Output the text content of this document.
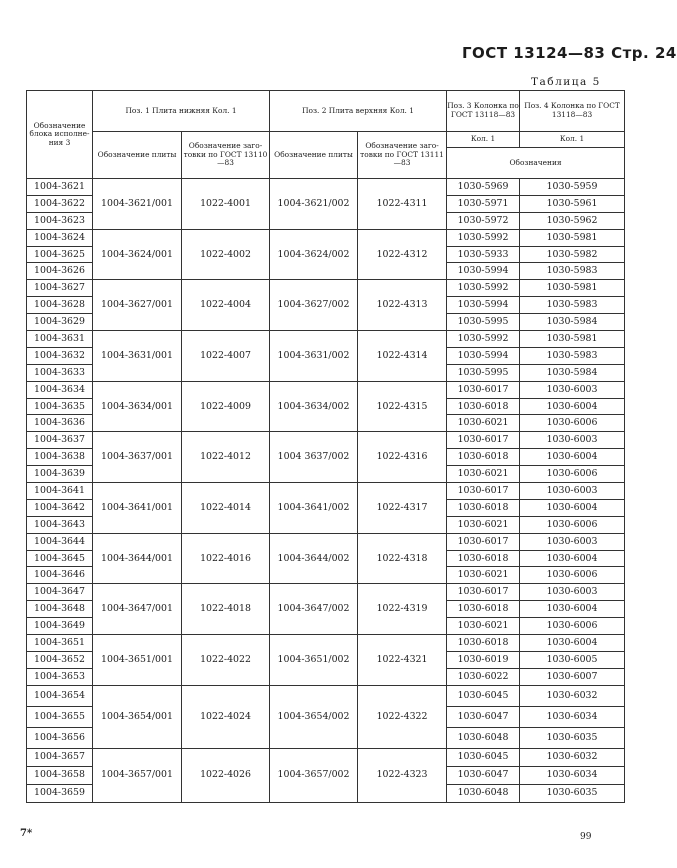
ГОСТ 13124—83 Стр. 24
Таблица 5
Обозначение блока исполне- ния 3	Поз. 1 Плита нижняя Кол. 1		Поз. 2 Плита верхняя Кол. 1		Поз. 3 Колонка по ГОСТ 13118—83	Поз. 4 Колонка по ГОСТ 13118—83
	Обозначение плиты	Обозначение заго- товки по ГОСТ 13110—83	Обозначение плиты	Обозначение заго- товки по ГОСТ 13111—83	Кол. 1	Кол. 1
					Обозначения	
1004-3621	1004-3621/001	1022-4001	1004-3621/002	1022-4311	1030-5969	1030-5959
1004-3622					1030-5971	1030-5961
1004-3623					1030-5972	1030-5962
1004-3624	1004-3624/001	1022-4002	1004-3624/002	1022-4312	1030-5992	1030-5981
1004-3625					1030-5933	1030-5982
1004-3626					1030-5994	1030-5983
1004-3627	1004-3627/001	1022-4004	1004-3627/002	1022-4313	1030-5992	1030-5981
1004-3628					1030-5994	1030-5983
1004-3629					1030-5995	1030-5984
1004-3631	1004-3631/001	1022-4007	1004-3631/002	1022-4314	1030-5992	1030-5981
1004-3632					1030-5994	1030-5983
1004-3633					1030-5995	1030-5984
1004-3634	1004-3634/001	1022-4009	1004-3634/002	1022-4315	1030-6017	1030-6003
1004-3635					1030-6018	1030-6004
1004-3636					1030-6021	1030-6006
1004-3637	1004-3637/001	1022-4012	1004 3637/002	1022-4316	1030-6017	1030-6003
1004-3638					1030-6018	1030-6004
1004-3639					1030-6021	1030-6006
1004-3641	1004-3641/001	1022-4014	1004-3641/002	1022-4317	1030-6017	1030-6003
1004-3642					1030-6018	1030-6004
1004-3643					1030-6021	1030-6006
1004-3644	1004-3644/001	1022-4016	1004-3644/002	1022-4318	1030-6017	1030-6003
1004-3645					1030-6018	1030-6004
1004-3646					1030-6021	1030-6006
1004-3647	1004-3647/001	1022-4018	1004-3647/002	1022-4319	1030-6017	1030-6003
1004-3648					1030-6018	1030-6004
1004-3649					1030-6021	1030-6006
1004-3651	1004-3651/001	1022-4022	1004-3651/002	1022-4321	1030-6018	1030-6004
1004-3652					1030-6019	1030-6005
1004-3653					1030-6022	1030-6007
1004-3654	1004-3654/001	1022-4024	1004-3654/002	1022-4322	1030-6045	1030-6032
1004-3655					1030-6047	1030-6034
1004-3656					1030-6048	1030-6035
1004-3657	1004-3657/001	1022-4026	1004-3657/002	1022-4323	1030-6045	1030-6032
1004-3658					1030-6047	1030-6034
1004-3659					1030-6048	1030-6035
7*	99
